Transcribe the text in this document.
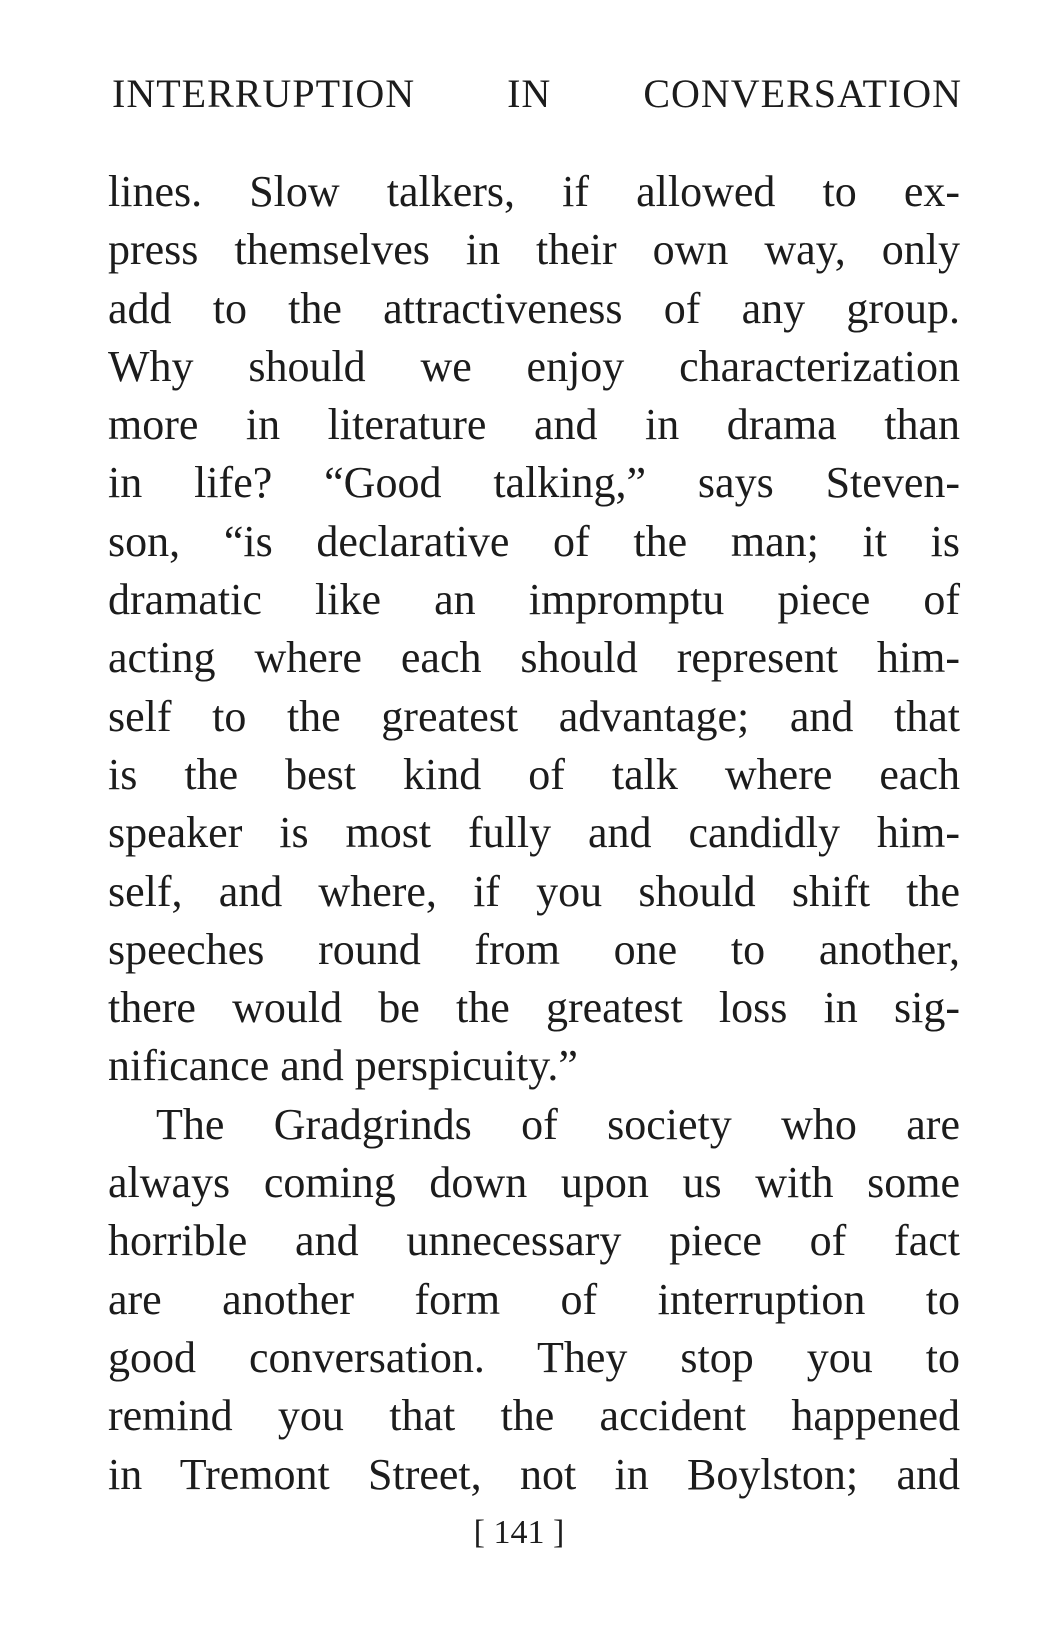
INTERRUPTION IN CONVERSATION
lines. Slow talkers, if allowed to ex-
press themselves in their own way, only
add to the attractiveness of any group.
Why should we enjoy characterization
more in literature and in drama than
in life? “Good talking,” says Steven-
son, “is declarative of the man; it is
dramatic like an impromptu piece of
acting where each should represent him-
self to the greatest advantage; and that
is the best kind of talk where each
speaker is most fully and candidly him-
self, and where, if you should shift the
speeches round from one to another,
there would be the greatest loss in sig-
nificance and perspicuity.”
The Gradgrinds of society who are
always coming down upon us with some
horrible and unnecessary piece of fact
are another form of interruption to
good conversation. They stop you to
remind you that the accident happened
in Tremont Street, not in Boylston; and
[ 141 ]
